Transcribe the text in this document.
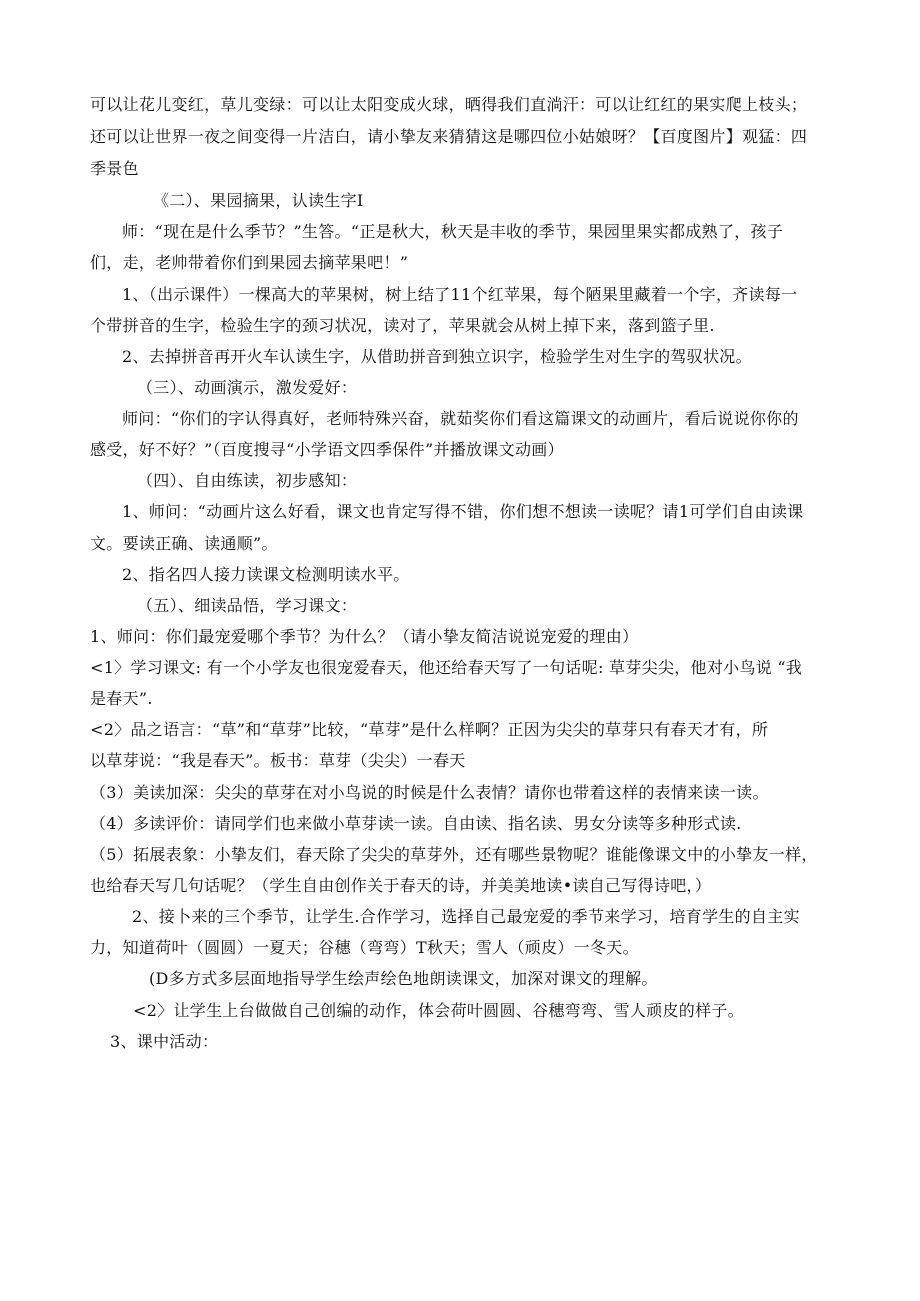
可以让花儿变红，草儿变绿：可以让太阳变成火球，晒得我们直淌汗：可以让红红的果实爬上枝头；
还可以让世界一夜之间变得一片洁白，请小挚友来猜猜这是哪四位小姑娘呀？【百度图片】观猛：四
季景色
《二）、果园摘果，认读生字Ⅰ
师：“现在是什么季节？”生答。“正是秋大，秋天是丰收的季节，果园里果实都成熟了，孩子
们，走，老帅带着你们到果园去摘苹果吧！”
1、（出示课件）一棵高大的苹果树，树上结了11个红苹果，每个陋果里藏着一个字，齐读每一
个带拼音的生字，检验生字的颈习状况，读对了，苹果就会从树上掉下来，落到篮子里.
2、去掉拼音再开火车认读生字，从借助拼音到独立识字，检验学生对生字的驾驭状况。
（三）、动画演示，激发爱好：
师问：“你们的字认得真好，老师特殊兴奋，就茹奖你们看这篇课文的动画片，看后说说你你的
感受，好不好？”（百度搜寻“小学语文四季保件”并播放课文动画）
（四）、自由练读，初步感知：
1、师问：“动画片这么好看，课文也肯定写得不错，你们想不想读一读呢？请1可学们自由读课
文。要读正确、读通顺”。
2、指名四人接力读课文检测明读水平。
（五）、细读品悟，学习课文：
1、师问：你们最宠爱哪个季节？为什么？（请小挚友简洁说说宠爱的理由）
<1〉学习课文: 有一个小学友也很宠爱春天，他还给春天写了一句话呢: 草芽尖尖，他对小鸟说 “我
是春天”.
<2〉品之语言：“草”和“草芽”比较，“草芽”是什么样啊？正因为尖尖的草芽只有春天才有，所
以草芽说：“我是春天”。板书：草芽（尖尖）一春天
（3）美读加深：尖尖的草芽在对小鸟说的时候是什么表情？请你也带着这样的表情来读一读。
（4）多读评价：请同学们也来做小草芽读一读。自由读、指名读、男女分读等多种形式读.
（5）拓展表象：小挚友们，春天除了尖尖的草芽外，还有哪些景物呢？谁能像课文中的小挚友一样，
也给春天写几句话呢？（学生自由创作关于春天的诗，并美美地读•读自己写得诗吧，）
2、接卜来的三个季节，让学生.合作学习，选择自己最宠爱的季节来学习，培育学生的自主实
力，知道荷叶（圆圆）一夏天；谷穗（弯弯）T秋天；雪人（顽皮）一冬天。
(D多方式多层面地指导学生绘声绘色地朗读课文，加深对课文的理解。
<2〉让学生上台做做自己创编的动作，体会荷叶圆圆、谷穗弯弯、雪人顽皮的样子。
3、课中活动：
